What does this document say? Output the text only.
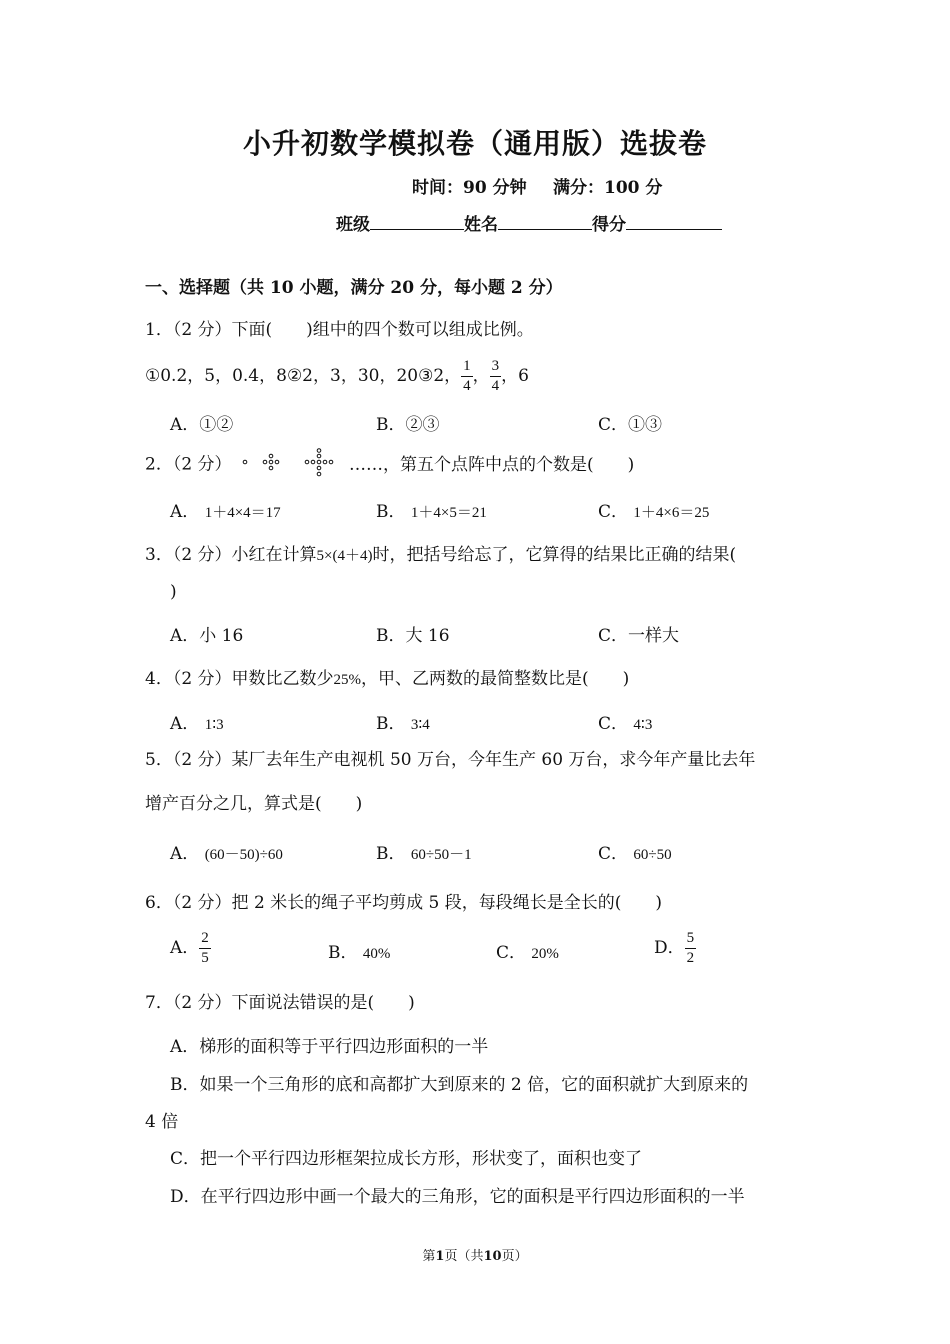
小升初数学模拟卷（通用版）选拔卷
时间：90 分钟 满分：100 分
班级	姓名	得分
一、选择题（共 10 小题，满分 20 分，每小题 2 分）
1．（2 分）下面(　　)组中的四个数可以组成比例。
①0.2，5，0.4，8②2，3，30，20③2， $\frac{1}{4}$ ， $\frac{3}{4}$ ，6
A．①②	B．②③	C．①③
2．（2 分）	……，第五个点阵中点的个数是(　　)
A． 1＋4×4＝17	B． 1＋4×5＝21	C． 1＋4×6＝25
3．（2 分）小红在计算5×(4＋4)时，把括号给忘了，它算得的结果比正确的结果(
)
A．小 16	B．大 16	C．一样大
4．（2 分）甲数比乙数少25%，甲、乙两数的最简整数比是(　　)
A． 1∶3	B． 3∶4	C． 4∶3
5．（2 分）某厂去年生产电视机 50 万台，今年生产 60 万台，求今年产量比去年
增产百分之几，算式是(　　)
A． (60－50)÷60	B． 60÷50－1	C． 60÷50
6．（2 分）把 2 米长的绳子平均剪成 5 段，每段绳长是全长的(　　)
A． $\frac{2}{5}$	B． 40%	C． 20%	D． $\frac{5}{2}$
7．（2 分）下面说法错误的是(　　)
A．梯形的面积等于平行四边形面积的一半
B．如果一个三角形的底和高都扩大到原来的 2 倍，它的面积就扩大到原来的
4 倍
C．把一个平行四边形框架拉成长方形，形状变了，面积也变了
D．在平行四边形中画一个最大的三角形，它的面积是平行四边形面积的一半
第1页（共10页）
